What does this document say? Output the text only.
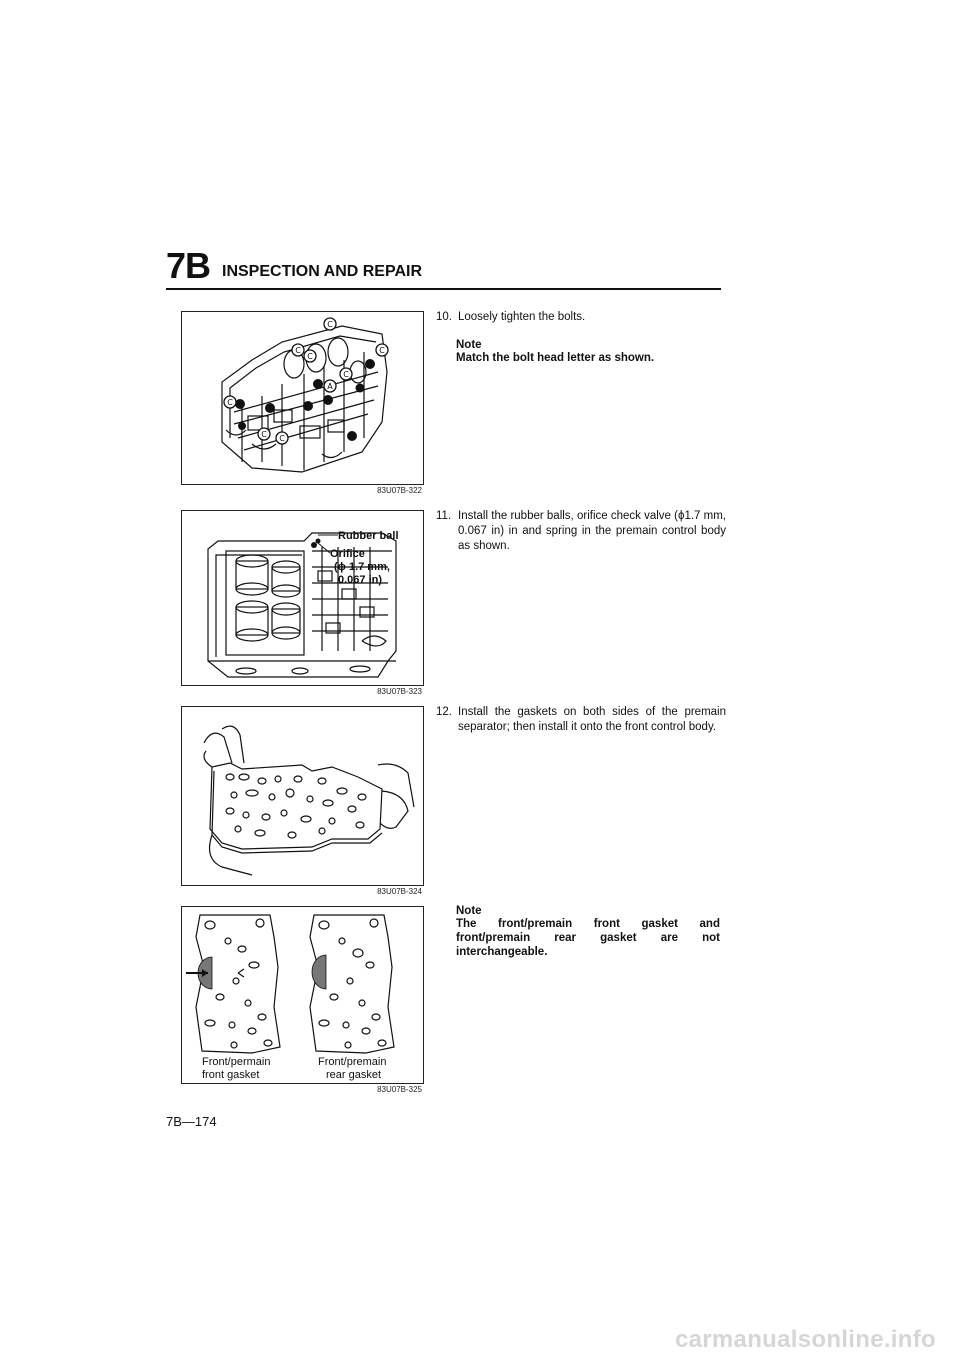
7B INSPECTION AND REPAIR
C
C
C
C
C
A
C
C C
83U07B-322
Rubber ball
Orifice
(ϕ 1.7 mm,
0.067 in)
83U07B-323
83U07B-324
Front/permain
front gasket
Front/premain
rear gasket
83U07B-325
10. Loosely tighten the bolts.
Note
Match the bolt head letter as shown.
11. Install the rubber balls, orifice check valve (ϕ1.7 mm, 0.067 in) in and spring in the premain control body as shown.
12. Install the gaskets on both sides of the premain separator; then install it onto the front control body.
Note
The front/premain front gasket and front/premain rear gasket are not interchangeable.
7B—174
carmanualsonline.info
